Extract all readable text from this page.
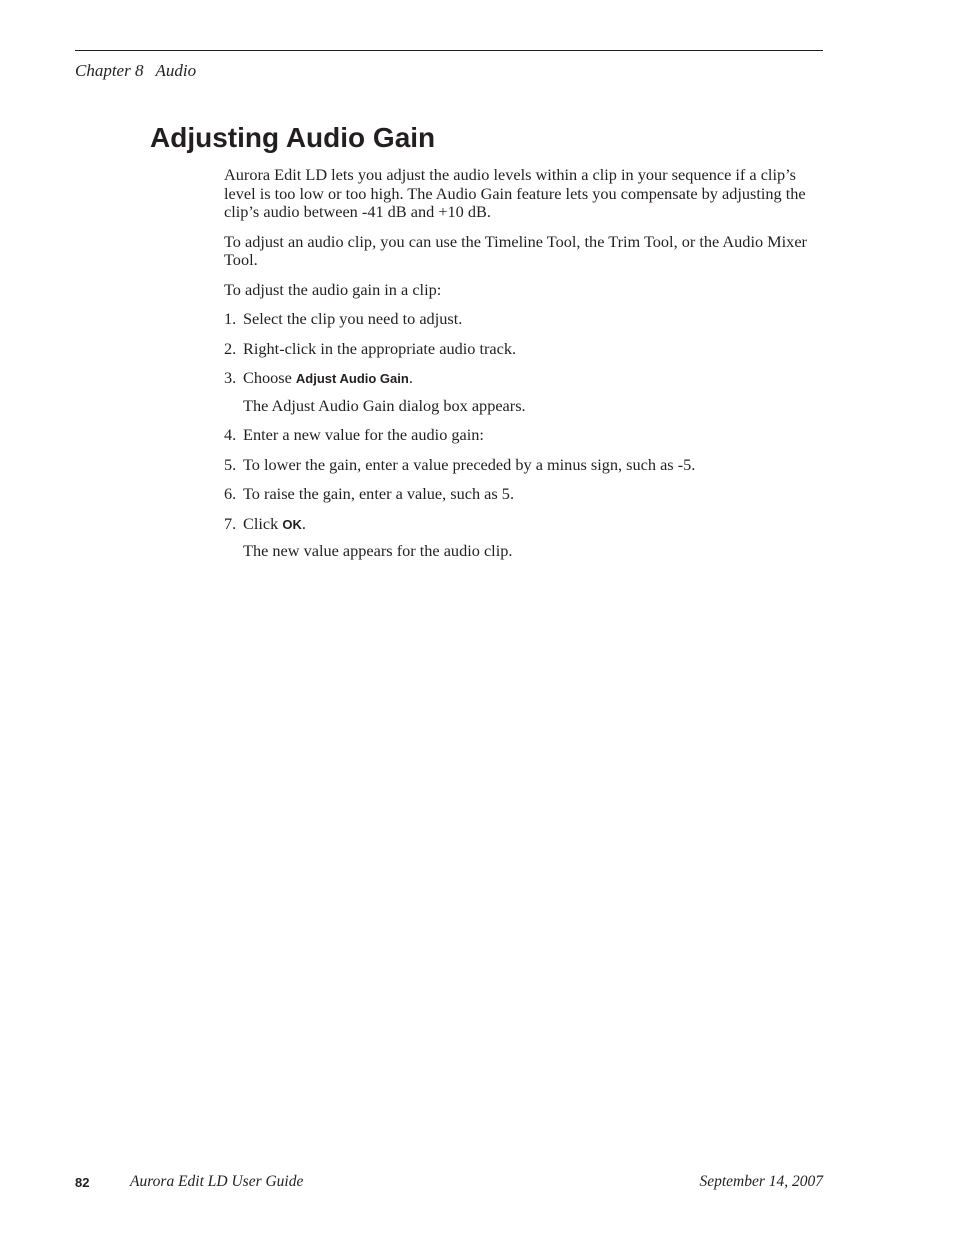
Chapter 8 Audio
Adjusting Audio Gain

Aurora Edit LD lets you adjust the audio levels within a clip in your sequence if a clip’s level is too low or too high. The Audio Gain feature lets you compensate by adjusting the clip’s audio between -41 dB and +10 dB.

To adjust an audio clip, you can use the Timeline Tool, the Trim Tool, or the Audio Mixer Tool.

To adjust the audio gain in a clip:

1. Select the clip you need to adjust.
2. Right-click in the appropriate audio track.
3. Choose Adjust Audio Gain.
The Adjust Audio Gain dialog box appears.
4. Enter a new value for the audio gain:
5. To lower the gain, enter a value preceded by a minus sign, such as -5.
6. To raise the gain, enter a value, such as 5.
7. Click OK.
The new value appears for the audio clip.
82	Aurora Edit LD User Guide	September 14, 2007
